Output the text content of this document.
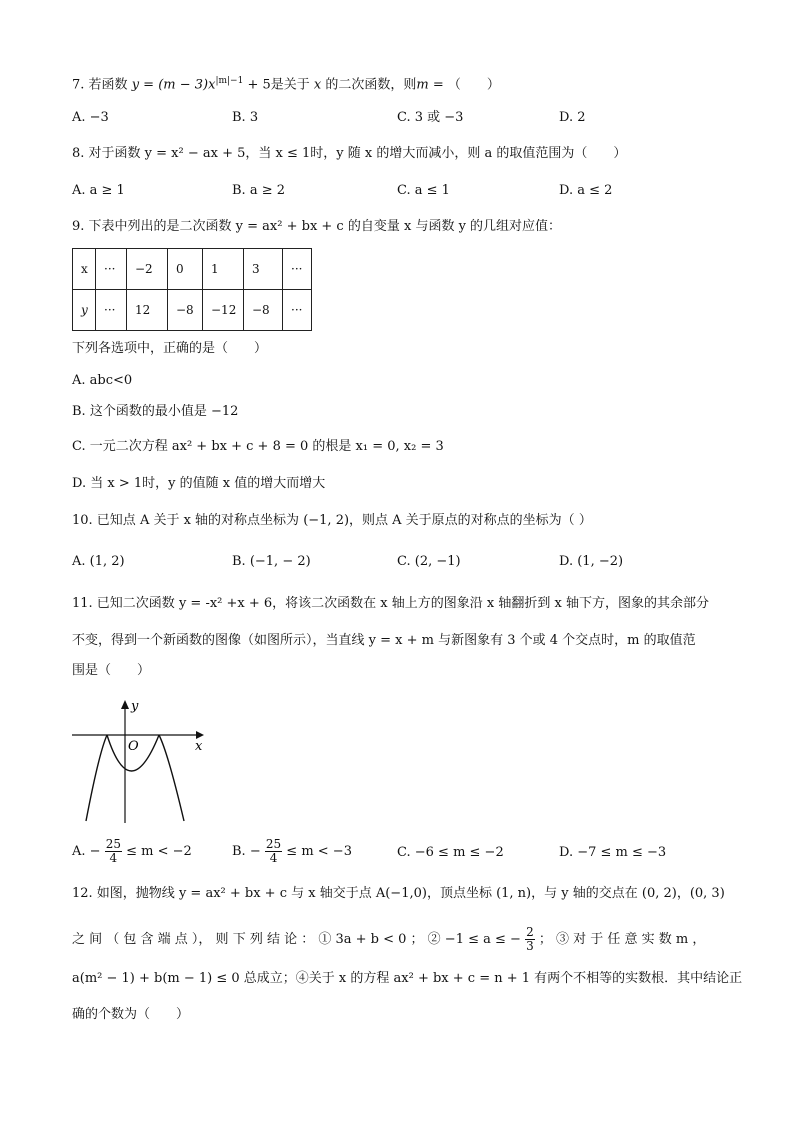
7. 若函数 $y = (m - 3)x^{|m|-1} + 5$是关于 x 的二次函数，则m = （　　）
A. −3	B. 3	C. 3 或 −3	D. 2
8. 对于函数 y = x² − ax + 5，当 x ≤ 1时，y 随 x 的增大而减小，则 a 的取值范围为（　　）
A. a ≥ 1	B. a ≥ 2	C. a ≤ 1	D. a ≤ 2
9. 下表中列出的是二次函数 y = ax² + bx + c 的自变量 x 与函数 y 的几组对应值：
x	···	−2	0	1	3	···
y	···	12	−8	−12	−8	···
下列各选项中，正确的是（　　）
A. abc<0
B. 这个函数的最小值是 −12
C. 一元二次方程 ax² + bx + c + 8 = 0 的根是 x₁ = 0, x₂ = 3
D. 当 x > 1时，y 的值随 x 值的增大而增大
10. 已知点 A 关于 x 轴的对称点坐标为 (−1, 2)，则点 A 关于原点的对称点的坐标为（ ）
A. (1, 2)	B. (−1, − 2)	C. (2, −1)	D. (1, −2)
11. 已知二次函数 y = -x² +x + 6，将该二次函数在 x 轴上方的图象沿 x 轴翻折到 x 轴下方，图象的其余部分
不变，得到一个新函数的图像（如图所示），当直线 y = x + m 与新图象有 3 个或 4 个交点时，m 的取值范
围是（　　）
y
x
O
A. − $\frac{25}{4} \le m < -2$	B. − $\frac{25}{4} \le m < -3$	C. −6 ≤ m ≤ −2	D. −7 ≤ m ≤ −3
12. 如图，抛物线 y = ax² + bx + c 与 x 轴交于点 A(−1,0)，顶点坐标 (1, n)，与 y 轴的交点在 (0, 2)，(0, 3)
之 间 （ 包 含 端 点 ）， 则 下 列 结 论 ： ① 3a + b < 0 ； ② −1 ≤ a ≤ − $\frac{2}{3}$ ； ③ 对 于 任 意 实 数 m ，
a(m² − 1) + b(m − 1) ≤ 0 总成立；④关于 x 的方程 ax² + bx + c = n + 1 有两个不相等的实数根．其中结论正
确的个数为（　　）
